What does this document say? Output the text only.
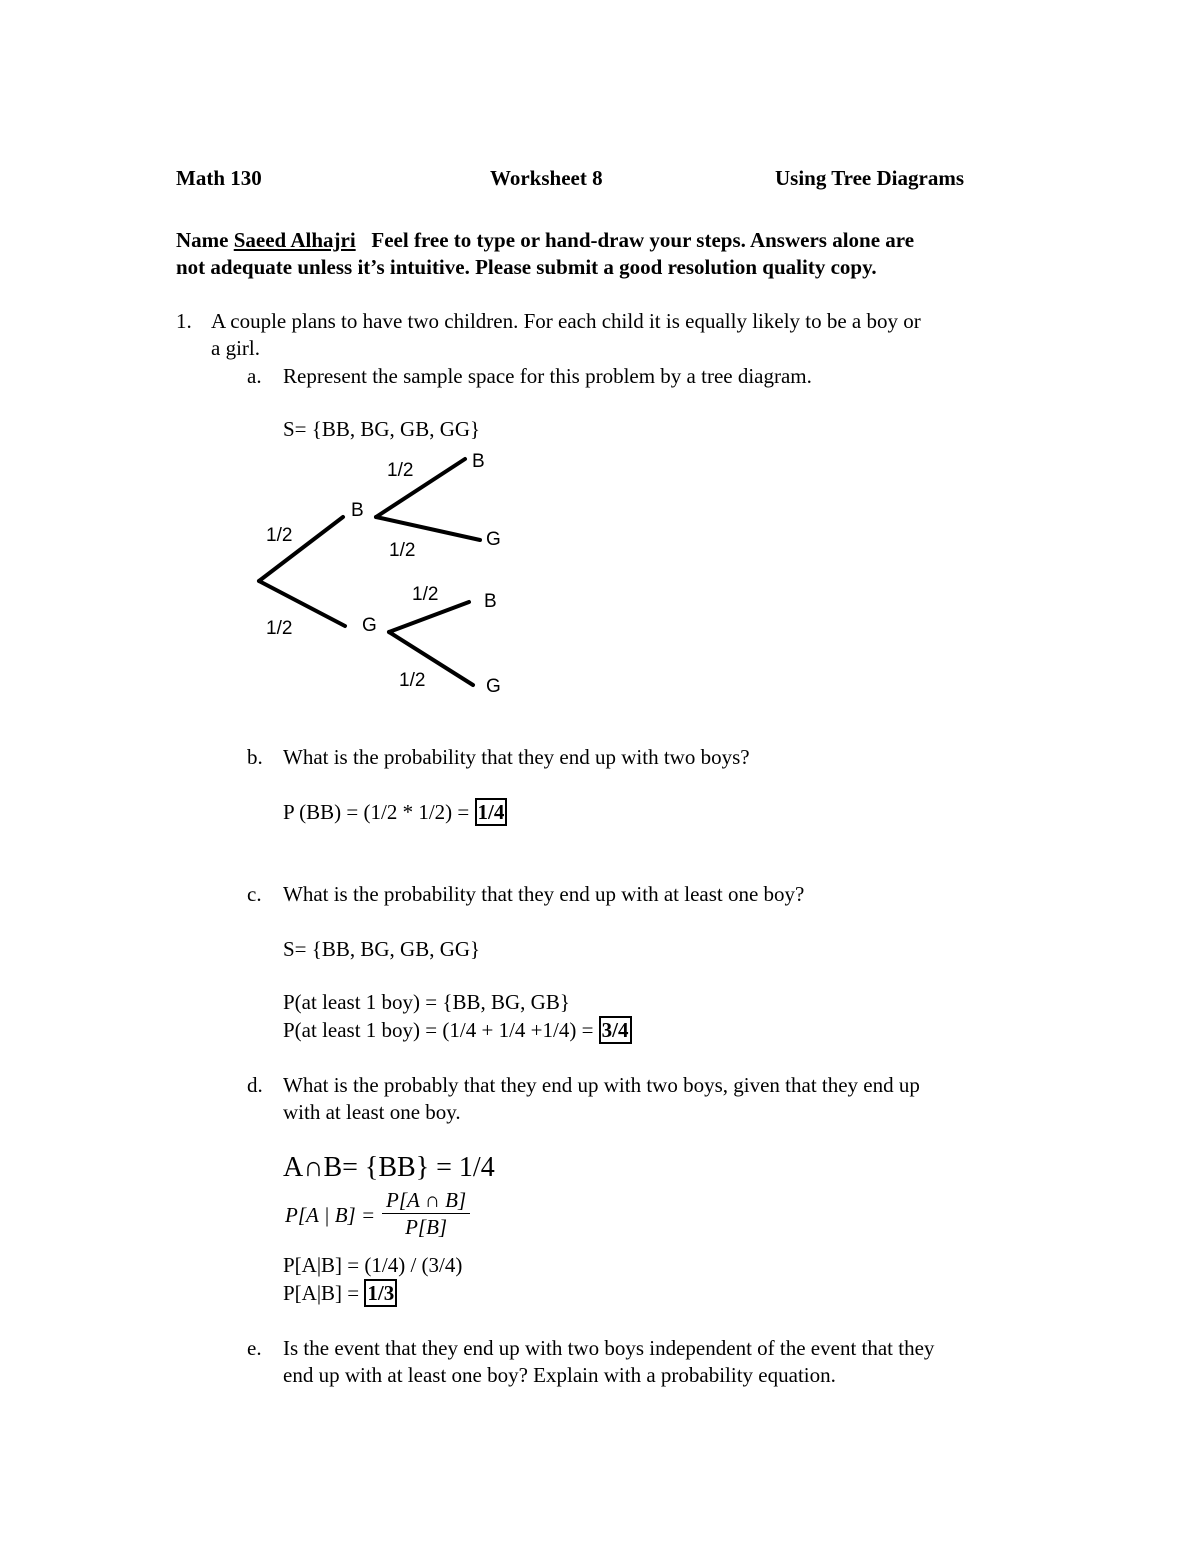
Math 130	Worksheet 8	Using Tree Diagrams
Name Saeed Alhajri Feel free to type or hand-draw your steps. Answers alone are
not adequate unless it’s intuitive. Please submit a good resolution quality copy.
1. A couple plans to have two children. For each child it is equally likely to be a boy or
a girl.
a. Represent the sample space for this problem by a tree diagram.
S= {BB, BG, GB, GG}
1/2
1/2
B
G
1/2
1/2
B
G
1/2
1/2
B
G
b. What is the probability that they end up with two boys?
P (BB) = (1/2 * 1/2) = 1/4
c. What is the probability that they end up with at least one boy?
S= {BB, BG, GB, GG}
P(at least 1 boy) = {BB, BG, GB}
P(at least 1 boy) = (1/4 + 1/4 +1/4) = 3/4
d. What is the probably that they end up with two boys, given that they end up
with at least one boy.
A∩B= {BB} = 1/4
P[A | $B] = \frac{P[A \cap B]}{P[B]}$
P[A|B] = (1/4) / (3/4)
P[A|B] = 1/3
e. Is the event that they end up with two boys independent of the event that they
end up with at least one boy? Explain with a probability equation.
